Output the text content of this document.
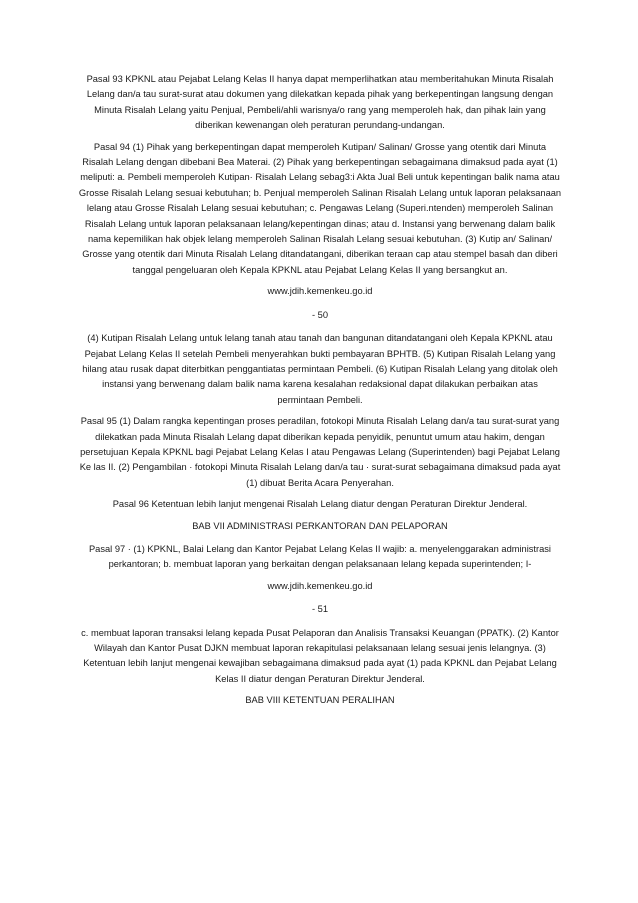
Pasal 93 KPKNL atau Pejabat Lelang Kelas II hanya dapat memperlihatkan atau memberitahukan Minuta Risalah Lelang dan/a tau surat-surat atau dokumen yang dilekatkan kepada pihak yang berkepentingan langsung dengan Minuta Risalah Lelang yaitu Penjual, Pembeli/ahli warisnya/o rang yang memperoleh hak, dan pihak lain yang diberikan kewenangan oleh peraturan perundang-undangan.

Pasal 94 (1) Pihak yang berkepentingan dapat memperoleh Kutipan/ Salinan/ Grosse yang otentik dari Minuta Risalah Lelang dengan dibebani Bea Materai. (2) Pihak yang berkepentingan sebagaimana dimaksud pada ayat (1) meliputi: a. Pembeli memperoleh Kutipan· Risalah Lelang sebag3:i Akta Jual Beli untuk kepentingan balik nama atau Grosse Risalah Lelang sesuai kebutuhan; b. Penjual memperoleh Salinan Risalah Lelang untuk laporan pelaksanaan lelang atau Grosse Risalah Lelang sesuai kebutuhan; c. Pengawas Lelang (Superi.ntenden) memperoleh Salinan Risalah Lelang untuk laporan pelaksanaan lelang/kepentingan dinas; atau d. Instansi yang berwenang dalam balik nama kepemilikan hak objek lelang memperoleh Salinan Risalah Lelang sesuai kebutuhan. (3) Kutip an/ Salinan/ Grosse yang otentik dari Minuta Risalah Lelang ditandatangani, diberikan teraan cap atau stempel basah dan diberi tanggal pengeluaran oleh Kepala KPKNL atau Pejabat Lelang Kelas II yang bersangkut an.

www.jdih.kemenkeu.go.id

- 50

(4) Kutipan Risalah Lelang untuk lelang tanah atau tanah dan bangunan ditandatangani oleh Kepala KPKNL atau Pejabat Lelang Kelas II setelah Pembeli menyerahkan bukti pembayaran BPHTB. (5) Kutipan Risalah Lelang yang hilang atau rusak dapat diterbitkan penggantiatas permintaan Pembeli. (6) Kutipan Risalah Lelang yang ditolak oleh instansi yang berwenang dalam balik nama karena kesalahan redaksional dapat dilakukan perbaikan atas permintaan Pembeli.

Pasal 95 (1) Dalam rangka kepentingan proses peradilan, fotokopi Minuta Risalah Lelang dan/a tau surat-surat yang dilekatkan pada Minuta Risalah Lelang dapat diberikan kepada penyidik, penuntut umum atau hakim, dengan persetujuan Kepala KPKNL bagi Pejabat Lelang Kelas I atau Pengawas Lelang (Superintenden) bagi Pejabat Lelang Ke las II. (2) Pengambilan · fotokopi Minuta Risalah Lelang dan/a tau · surat-surat sebagaimana dimaksud pada ayat (1) dibuat Berita Acara Penyerahan.

Pasal 96 Ketentuan lebih lanjut mengenai Risalah Lelang diatur dengan Peraturan Direktur Jenderal.

BAB VII ADMINISTRASI PERKANTORAN DAN PELAPORAN

Pasal 97 · (1) KPKNL, Balai Lelang dan Kantor Pejabat Lelang Kelas II wajib: a. menyelenggarakan administrasi perkantoran; b. membuat laporan yang berkaitan dengan pelaksanaan lelang kepada superintenden; I-

www.jdih.kemenkeu.go.id

- 51

c. membuat laporan transaksi lelang kepada Pusat Pelaporan dan Analisis Transaksi Keuangan (PPATK). (2) Kantor Wilayah dan Kantor Pusat DJKN membuat laporan rekapitulasi pelaksanaan lelang sesuai jenis lelangnya. (3) Ketentuan lebih lanjut mengenai kewajiban sebagaimana dimaksud pada ayat (1) pada KPKNL dan Pejabat Lelang Kelas II diatur dengan Peraturan Direktur Jenderal.

BAB VIII KETENTUAN PERALIHAN
